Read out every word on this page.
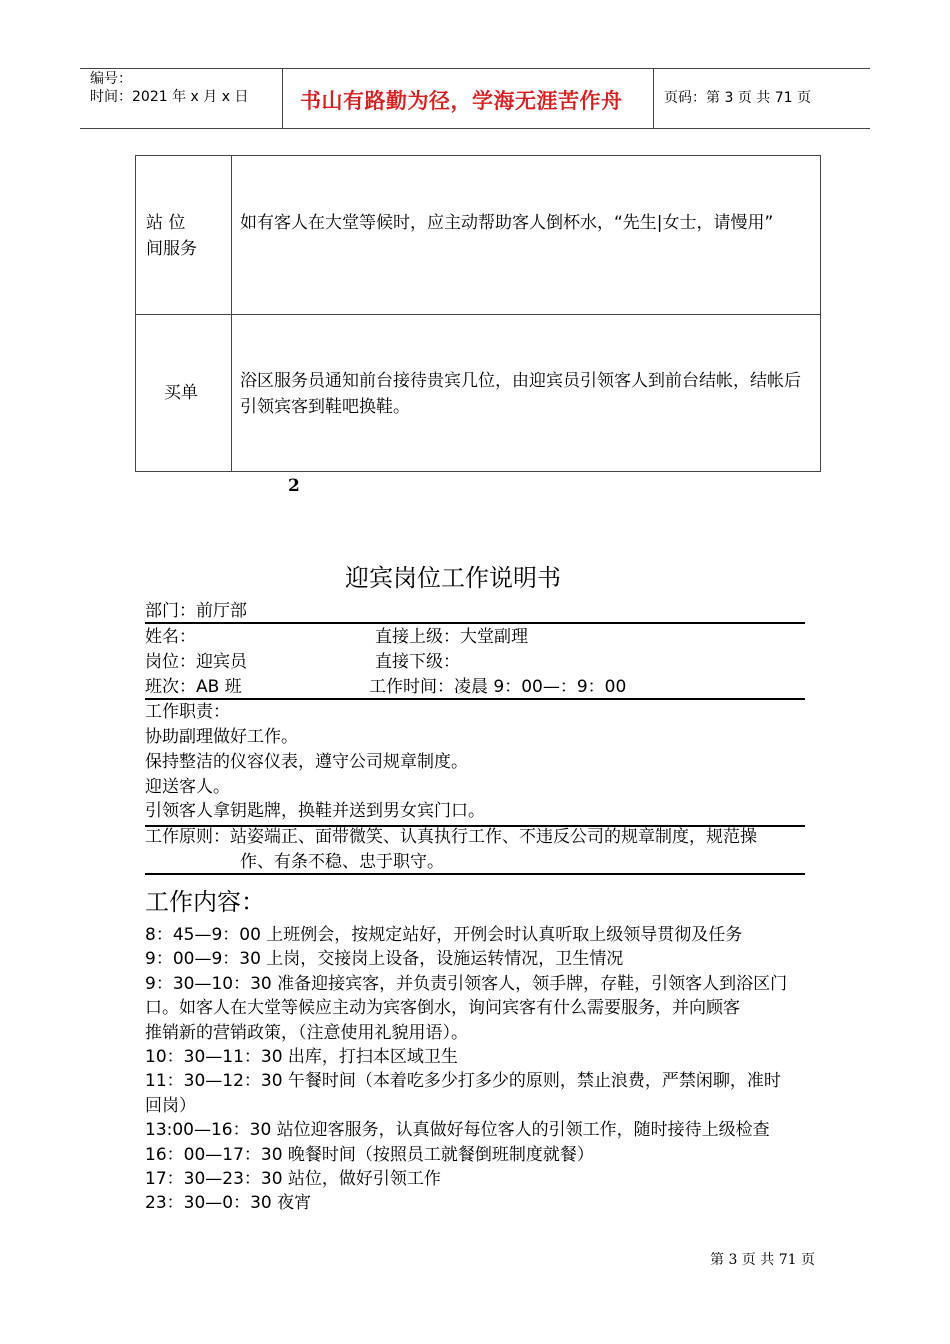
编号：
时间：2021 年 x 月 x 日 书山有路勤为径，学海无涯苦作舟	页码：第 3 页 共 71 页
站 位
间服务
如有客人在大堂等候时，应主动帮助客人倒杯水，“先生|女士，请慢用”
买单
浴区服务员通知前台接待贵宾几位，由迎宾员引领客人到前台结帐，结帐后引领宾客到鞋吧换鞋。
2
迎宾岗位工作说明书
部门：前厅部
姓名：	直接上级：大堂副理
岗位：迎宾员	直接下级：
班次：AB 班	工作时间：凌晨 9：00—：9：00
工作职责：
协助副理做好工作。
保持整洁的仪容仪表，遵守公司规章制度。
迎送客人。
引领客人拿钥匙牌，换鞋并送到男女宾门口。
工作原则：站姿端正、面带微笑、认真执行工作、不违反公司的规章制度，规范操
作、有条不稳、忠于职守。
工作内容：
8：45—9：00 上班例会，按规定站好，开例会时认真听取上级领导贯彻及任务
9：00—9：30 上岗，交接岗上设备，设施运转情况，卫生情况
9：30—10：30 准备迎接宾客，并负责引领客人，领手牌，存鞋，引领客人到浴区门
口。如客人在大堂等候应主动为宾客倒水，询问宾客有什么需要服务，并向顾客
推销新的营销政策，（注意使用礼貌用语）。
10：30—11：30 出库，打扫本区域卫生
11：30—12：30 午餐时间（本着吃多少打多少的原则，禁止浪费，严禁闲聊，准时
回岗）
13:00—16：30 站位迎客服务，认真做好每位客人的引领工作，随时接待上级检查
16：00—17：30 晚餐时间（按照员工就餐倒班制度就餐）
17：30—23：30 站位，做好引领工作
23：30—0：30 夜宵
第 3 页 共 71 页
